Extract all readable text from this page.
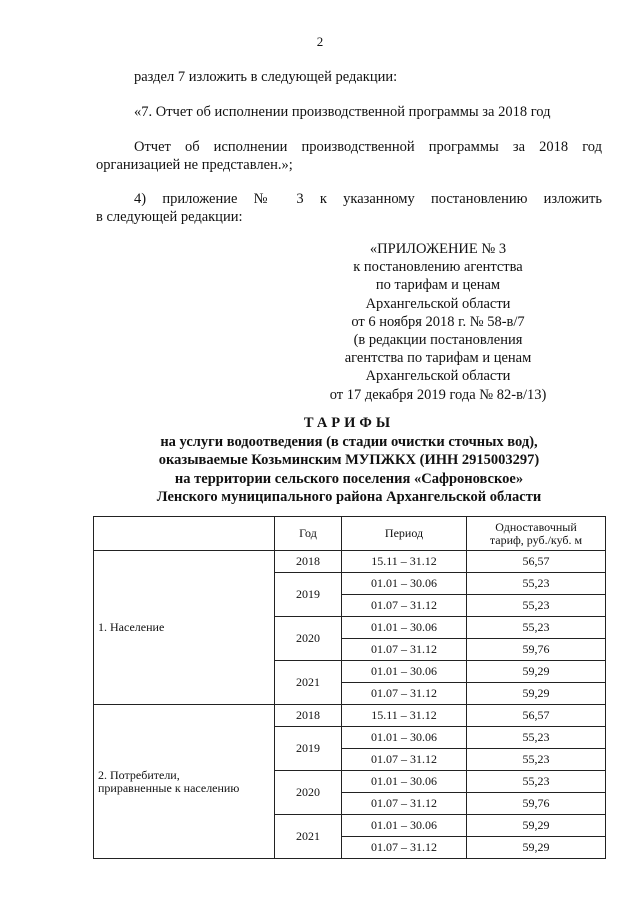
2
раздел 7 изложить в следующей редакции:
«7. Отчет об исполнении производственной программы за 2018 год
Отчет об исполнении производственной программы за 2018 год
организацией не представлен.»;
4) приложение № 3 к указанному постановлению изложить
в следующей редакции:
«ПРИЛОЖЕНИЕ № 3
к постановлению агентства
по тарифам и ценам
Архангельской области
от 6 ноября 2018 г. № 58-в/7
(в редакции постановления
агентства по тарифам и ценам
Архангельской области
от 17 декабря 2019 года № 82-в/13)
ТАРИФЫ
на услуги водоотведения (в стадии очистки сточных вод),
оказываемые Козьминским МУПЖКХ (ИНН 2915003297)
на территории сельского поселения «Сафроновское»
Ленского муниципального района Архангельской области
	Год	Период	Одноставочный
тариф, руб./куб. м

1. Население	2018	15.11 – 31.12	56,57
	2019	01.01 – 30.06	55,23
		01.07 – 31.12	55,23
	2020	01.01 – 30.06	55,23
		01.07 – 31.12	59,76
	2021	01.01 – 30.06	59,29
		01.07 – 31.12	59,29

2. Потребители,
приравненные к населению	2018	15.11 – 31.12	56,57
	2019	01.01 – 30.06	55,23
		01.07 – 31.12	55,23
	2020	01.01 – 30.06	55,23
		01.07 – 31.12	59,76
	2021	01.01 – 30.06	59,29
		01.07 – 31.12	59,29
